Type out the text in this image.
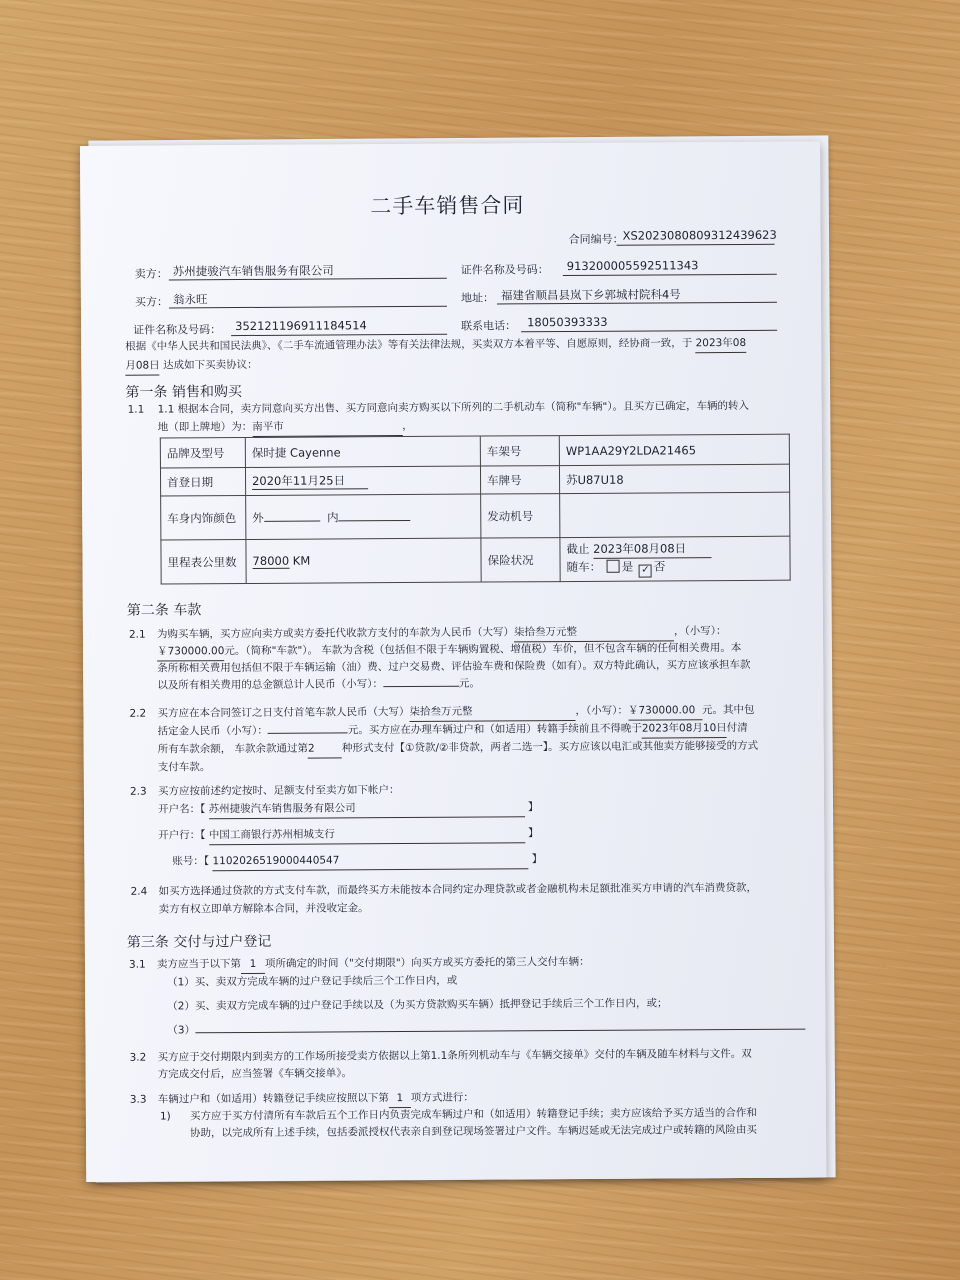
二手车销售合同
合同编号：
XS2023080809312439623
卖方： 苏州捷骏汽车销售服务有限公司	证件名称及号码： 913200005592511343
买方： 翁永旺	地址： 福建省顺昌县岚下乡郭城村院科4号
证件名称及号码： 352121196911184514	联系电话： 18050393333
根据《中华人民共和国民法典》、《二手车流通管理办法》等有关法律法规，买卖双方本着平等、自愿原则，经协商一致，于 2023年08
月08日 达成如下买卖协议：
第一条 销售和购买
1.1 1.1 根据本合同，卖方同意向买方出售、买方同意向卖方购买以下所列的二手机动车（简称"车辆"）。且买方已确定，车辆的转入
地（即上牌地）为：南平市	，
品牌及型号	保时捷 Cayenne	车架号	WP1AA29Y2LDA21465
首登日期	2020年11月25日	车牌号	苏U87U18
车身内饰颜色	外 内	发动机号	
里程表公里数	78000 KM	保险状况	截止 2023年08月08日
随车： 是 ✓ 否
第二条 车款
2.1 为购买车辆，买方应向卖方或卖方委托代收款方支付的车款为人民币（大写）柒拾叁万元整	，（小写）：
￥730000.00元。（简称"车款"）。 车款为含税（包括但不限于车辆购置税、增值税）车价，但不包含车辆的任何相关费用。本
条所称相关费用包括但不限于车辆运输（油）费、过户交易费、评估验车费和保险费（如有）。双方特此确认，买方应该承担车款
以及所有相关费用的总金额总计人民币（小写）：	元。
2.2 买方应在本合同签订之日支付首笔车款人民币（大写）柒拾叁万元整	，（小写）：￥730000.00 元。其中包
括定金人民币（小写）：	元。买方应在办理车辆过户和（如适用）转籍手续前且不得晚于2023年08月10日付清
所有车款余额， 车款余款通过第2	种形式支付【①贷款/②非贷款，两者二选一】。买方应该以电汇或其他卖方能够接受的方式
支付车款。
2.3 买方应按前述约定按时、足额支付至卖方如下帐户：
开户名：【 苏州捷骏汽车销售服务有限公司	】
开户行：【 中国工商银行苏州相城支行	】
账号：【 1102026519000440547	】
2.4 如买方选择通过贷款的方式支付车款，而最终买方未能按本合同约定办理贷款或者金融机构未足额批准买方申请的汽车消费贷款，
卖方有权立即单方解除本合同，并没收定金。
第三条 交付与过户登记
3.1 卖方应当于以下第 1 项所确定的时间（"交付期限"）向买方或买方委托的第三人交付车辆：
（1）买、卖双方完成车辆的过户登记手续后三个工作日内，或
（2）买、卖双方完成车辆的过户登记手续以及（为买方贷款购买车辆）抵押登记手续后三个工作日内，或；
（3）
3.2 买方应于交付期限内到卖方的工作场所接受卖方依据以上第1.1条所列机动车与《车辆交接单》交付的车辆及随车材料与文件。双
方完成交付后，应当签署《车辆交接单》。
3.3 车辆过户和（如适用）转籍登记手续应按照以下第 1 项方式进行：
1) 买方应于买方付清所有车款后五个工作日内负责完成车辆过户和（如适用）转籍登记手续；卖方应该给予买方适当的合作和
协助，以完成所有上述手续，包括委派授权代表亲自到登记现场签署过户文件。车辆迟延或无法完成过户或转籍的风险由买
